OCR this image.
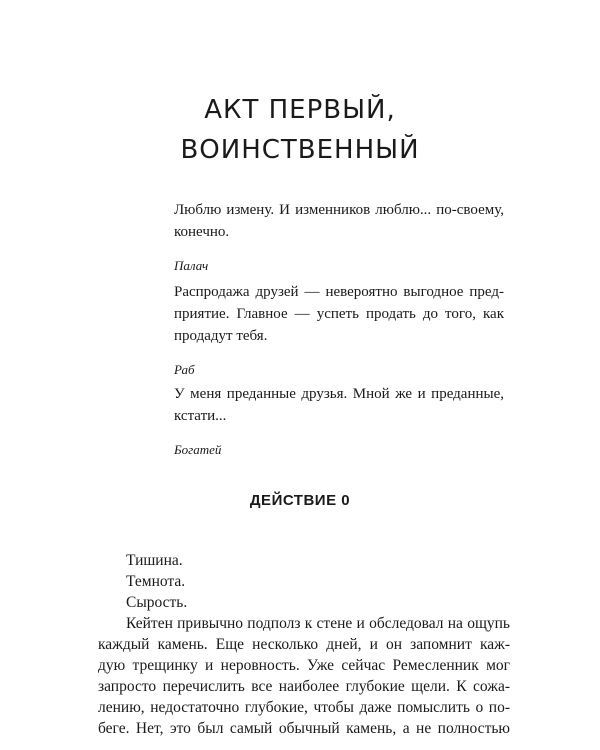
АКТ ПЕРВЫЙ,
ВОИНСТВЕННЫЙ

Люблю измену. И изменников люблю... по-своему, конечно.

Палач

Распродажа друзей — невероятно выгодное пред-приятие. Главное — успеть продать до того, как продадут тебя.

Раб

У меня преданные друзья. Мной же и преданные, кстати...

Богатей

ДЕЙСТВИЕ 0
Тишина.
Темнота.
Сырость.
Кейтен привычно подполз к стене и обследовал на ощупь
каждый камень. Еще несколько дней, и он запомнит каж-
дую трещинку и неровность. Уже сейчас Ремесленник мог
запросто перечислить все наиболее глубокие щели. К сожа-
лению, недостаточно глубокие, чтобы даже помыслить о по-
беге. Нет, это был самый обычный камень, а не полностью
